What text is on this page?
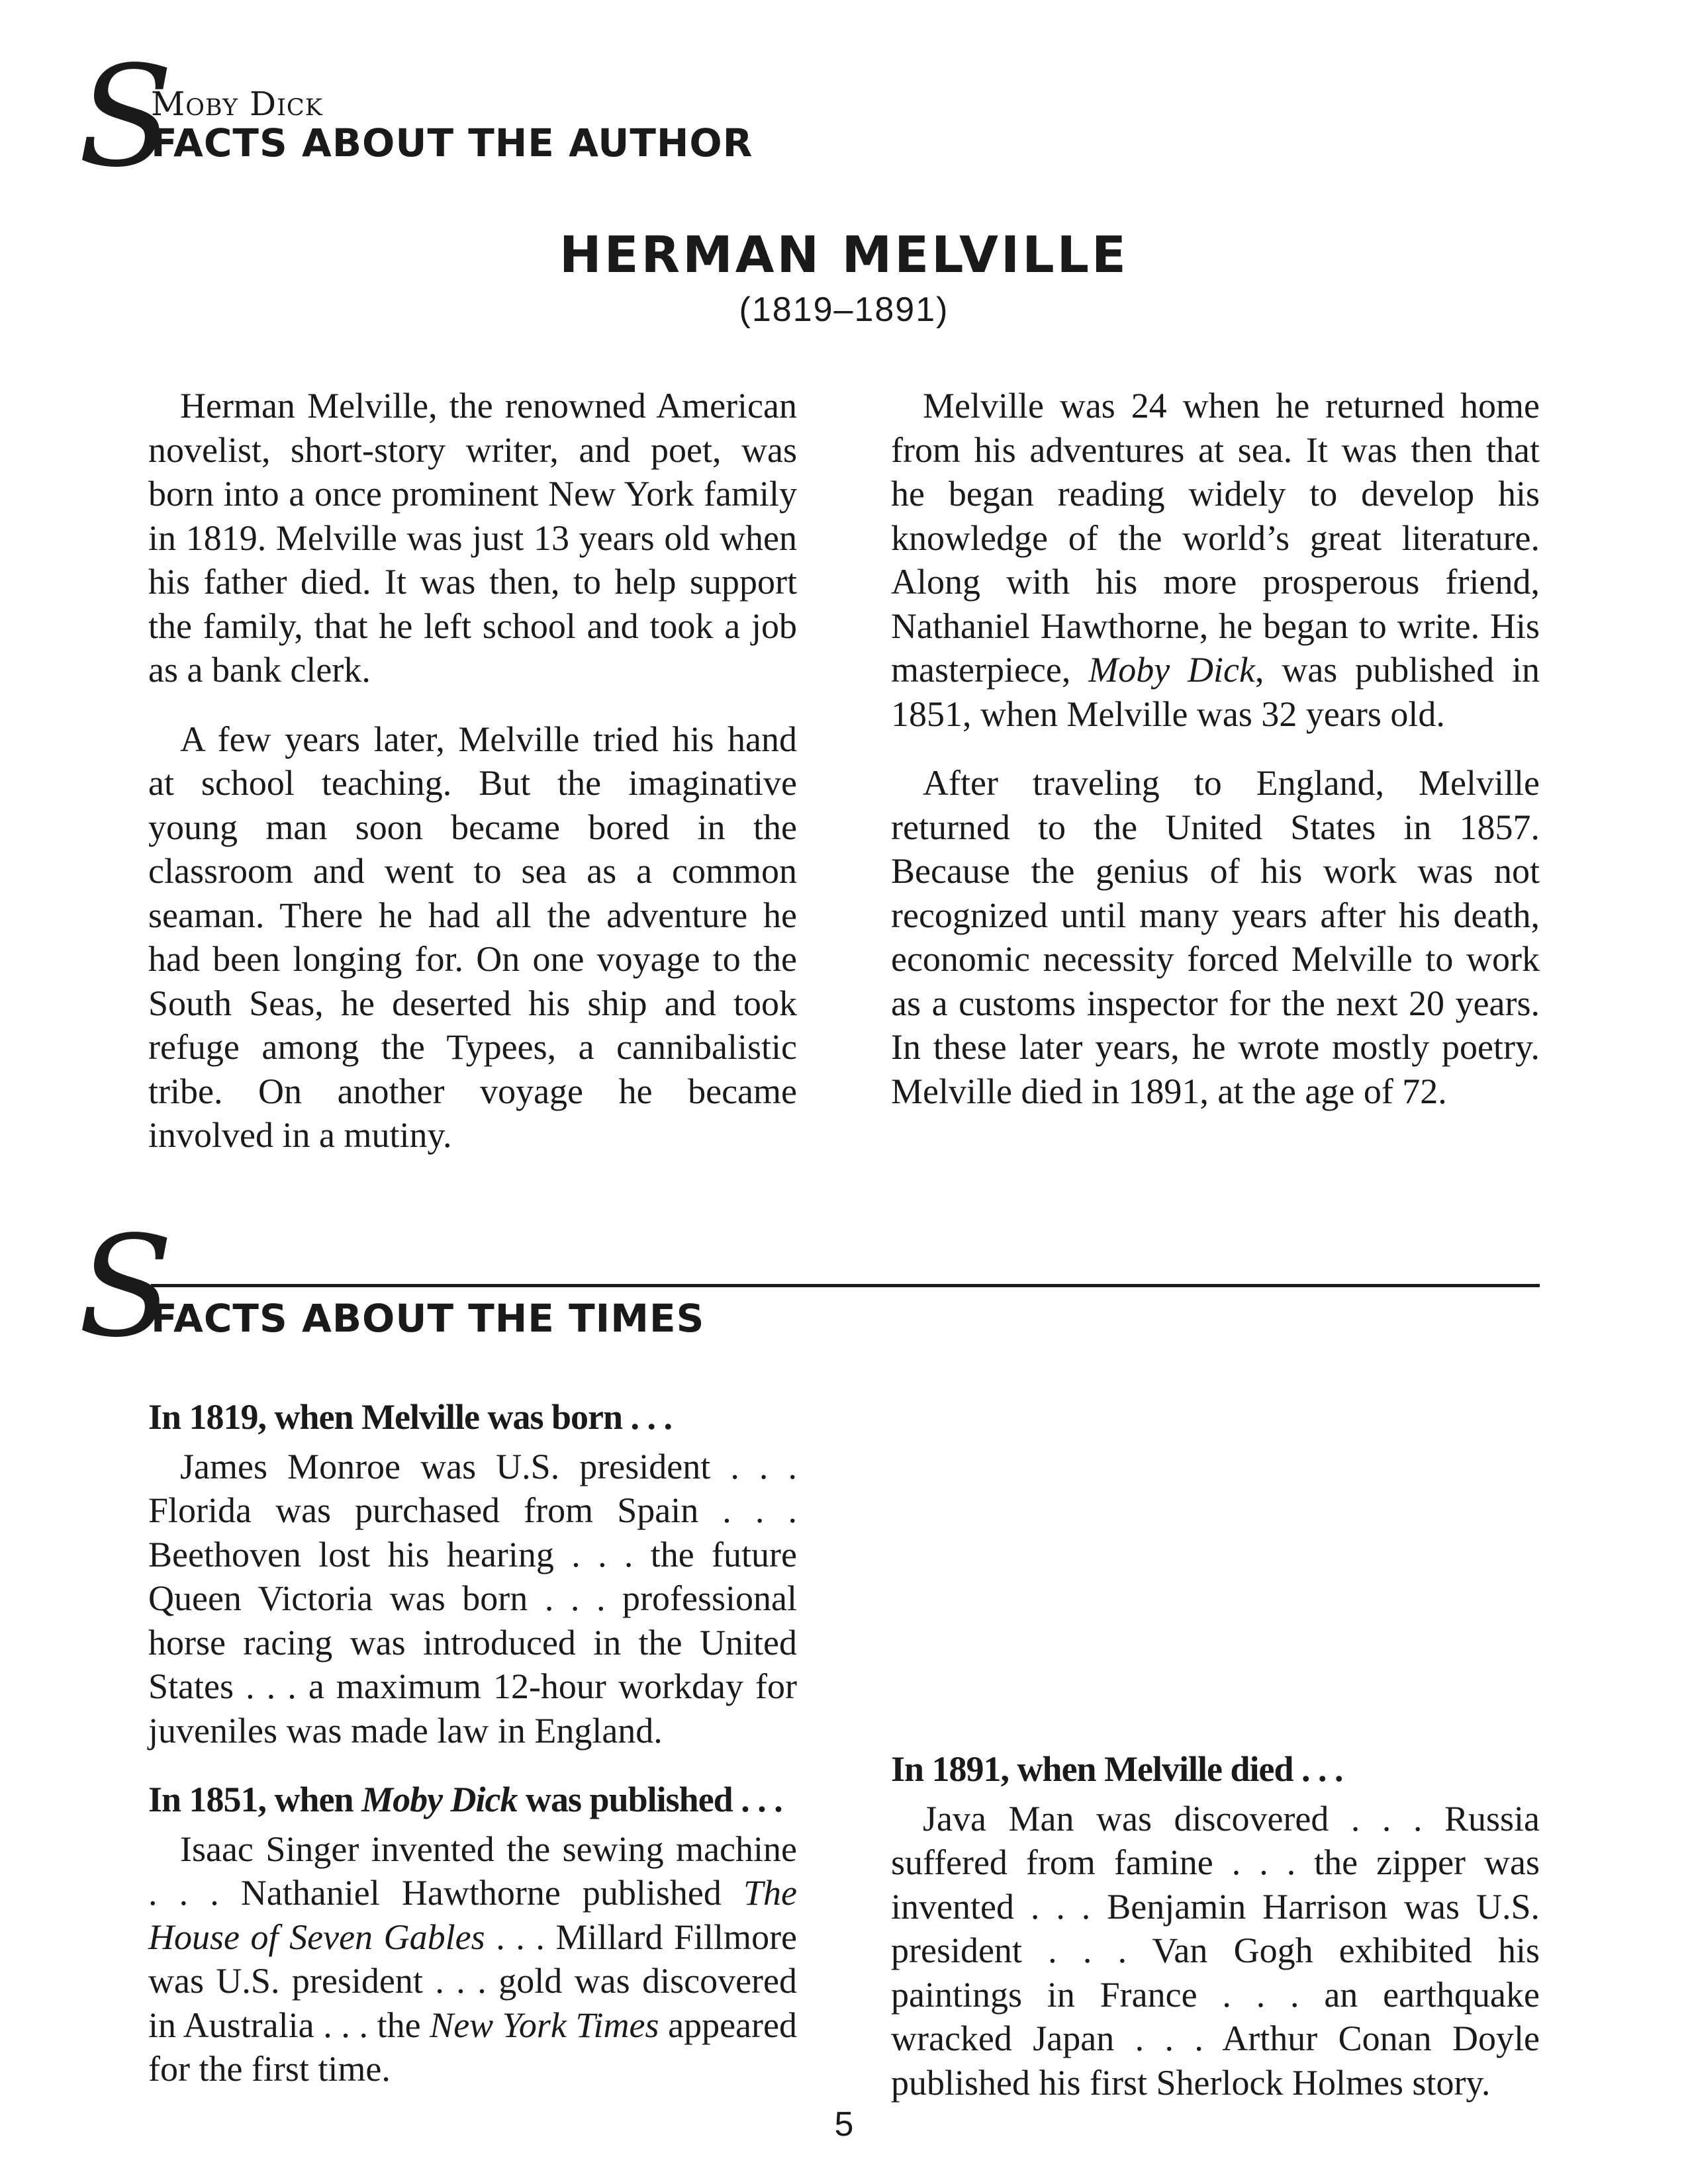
S
Moby Dick
FACTS ABOUT THE AUTHOR
HERMAN MELVILLE
(1819–1891)

Herman Melville, the renowned American novelist, short-story writer, and poet, was born into a once prominent New York family in 1819. Melville was just 13 years old when his father died. It was then, to help support the family, that he left school and took a job as a bank clerk.

A few years later, Melville tried his hand at school teaching. But the imaginative young man soon became bored in the classroom and went to sea as a common seaman. There he had all the adventure he had been longing for. On one voyage to the South Seas, he deserted his ship and took refuge among the Typees, a cannibalistic tribe. On another voyage he became involved in a mutiny.

Melville was 24 when he returned home from his adventures at sea. It was then that he began reading widely to develop his knowledge of the world’s great literature. Along with his more prosperous friend, Nathaniel Hawthorne, he began to write. His masterpiece, Moby Dick, was published in 1851, when Melville was 32 years old.

After traveling to England, Melville returned to the United States in 1857. Because the genius of his work was not recognized until many years after his death, economic necessity forced Melville to work as a customs inspector for the next 20 years. In these later years, he wrote mostly poetry. Melville died in 1891, at the age of 72.

S
FACTS ABOUT THE TIMES
In 1819, when Melville was born . . .

James Monroe was U.S. president . . . Florida was purchased from Spain . . . Beethoven lost his hearing . . . the future Queen Victoria was born . . . professional horse racing was introduced in the United States . . . a maximum 12-hour workday for juveniles was made law in England.

In 1851, when Moby Dick was published . . .

Isaac Singer invented the sewing machine . . . Nathaniel Hawthorne published The House of Seven Gables . . . Millard Fillmore was U.S. president . . . gold was discovered in Australia . . . the New York Times appeared for the first time.

In 1891, when Melville died . . .

Java Man was discovered . . . Russia suffered from famine . . . the zipper was invented . . . Benjamin Harrison was U.S. president . . . Van Gogh exhibited his paintings in France . . . an earthquake wracked Japan . . . Arthur Conan Doyle published his first Sherlock Holmes story.

5
